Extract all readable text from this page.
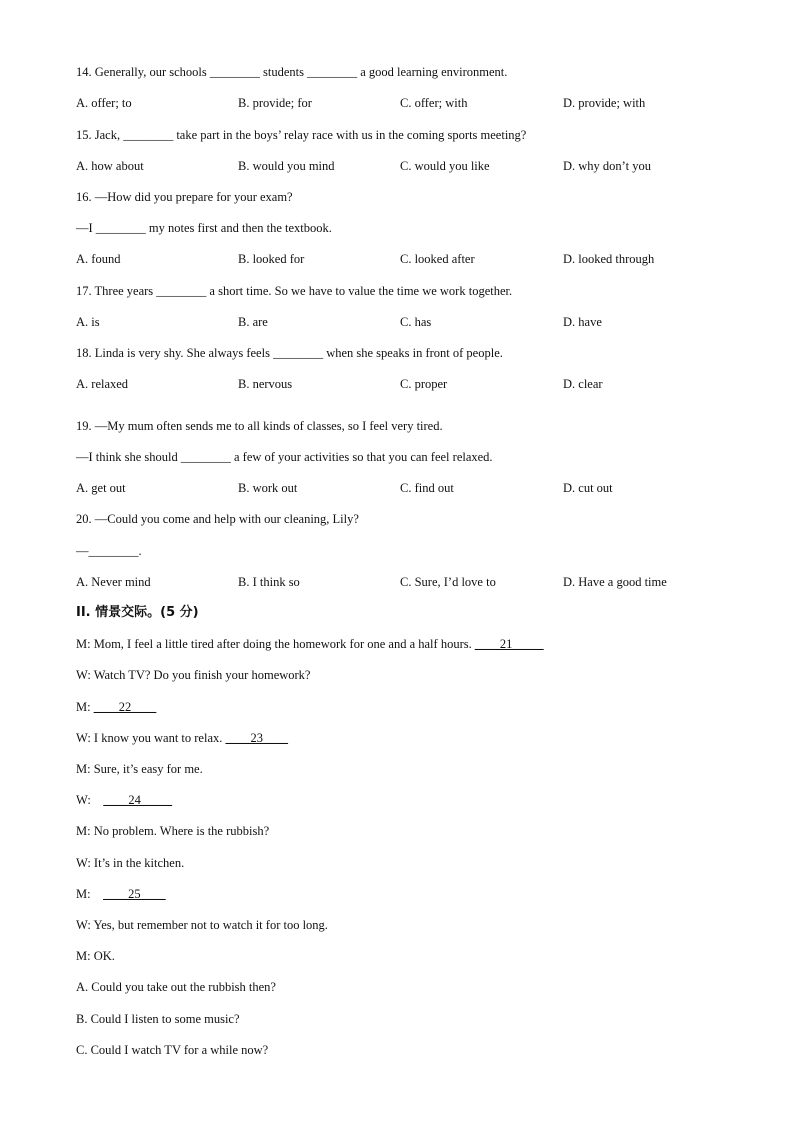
14. Generally, our schools ________ students ________ a good learning environment.
A. offer; to	B. provide; for	C. offer; with	D. provide; with
15. Jack, ________ take part in the boys’ relay race with us in the coming sports meeting?
A. how about	B. would you mind	C. would you like	D. why don’t you
16. —How did you prepare for your exam?
—I ________ my notes first and then the textbook.
A. found	B. looked for	C. looked after	D. looked through
17. Three years ________ a short time. So we have to value the time we work together.
A. is	B. are	C. has	D. have
18. Linda is very shy. She always feels ________ when she speaks in front of people.
A. relaxed	B. nervous	C. proper	D. clear
19. —My mum often sends me to all kinds of classes, so I feel very tired.
—I think she should ________ a few of your activities so that you can feel relaxed.
A. get out	B. work out	C. find out	D. cut out
20. —Could you come and help with our cleaning, Lily?
—________.
A. Never mind	B. I think so	C. Sure, I’d love to	D. Have a good time
II. 情景交际。(5 分)
M: Mom, I feel a little tired after doing the homework for one and a half hours. ____21_____
W: Watch TV? Do you finish your homework?
M: ____22____
W: I know you want to relax. ____23____
M: Sure, it’s easy for me.
W:    ____24_____
M: No problem. Where is the rubbish?
W: It’s in the kitchen.
M:    ____25____
W: Yes, but remember not to watch it for too long.
M: OK.
A. Could you take out the rubbish then?
B. Could I listen to some music?
C. Could I watch TV for a while now?
